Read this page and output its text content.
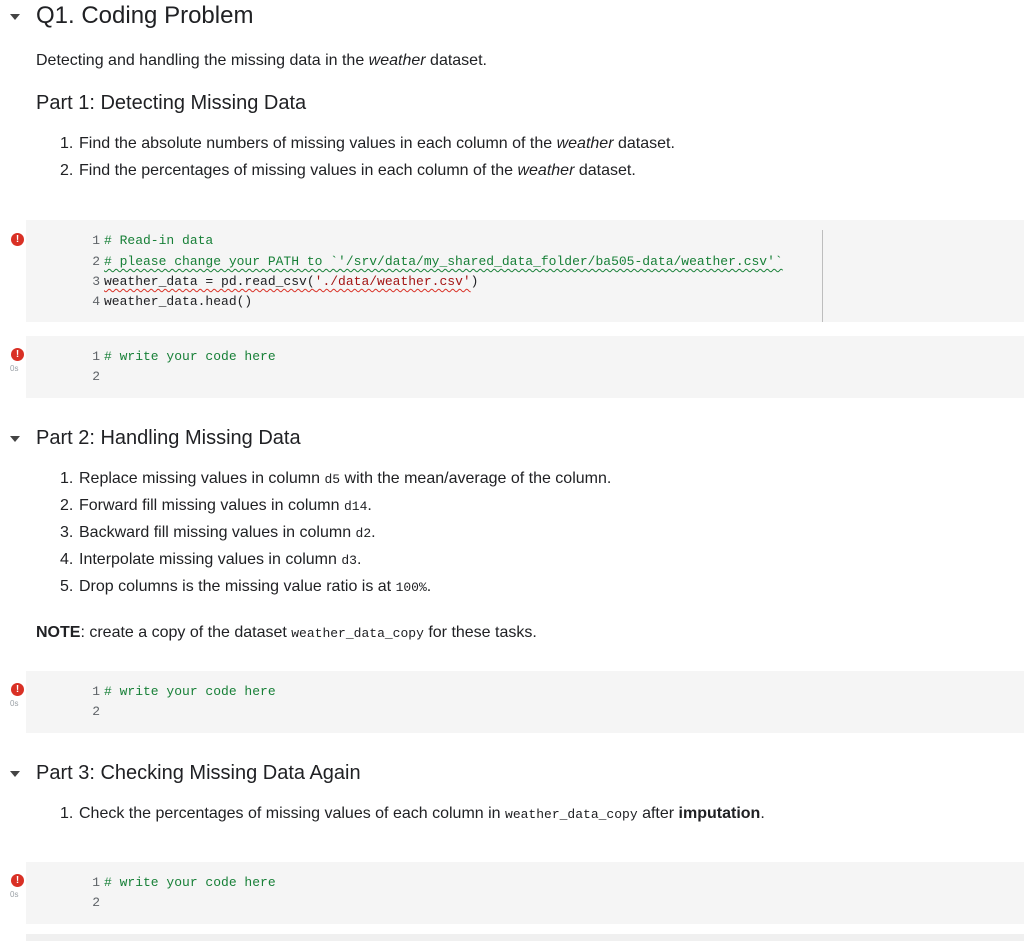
Q1. Coding Problem
Detecting and handling the missing data in the weather dataset.
Part 1: Detecting Missing Data
1. Find the absolute numbers of missing values in each column of the weather dataset.
2. Find the percentages of missing values in each column of the weather dataset.
!	1 # Read-in data
2 # please change your PATH to `'/srv/data/my_shared_data_folder/ba505-data/weather.csv'`
3 weather_data = pd.read_csv('./data/weather.csv')
4 weather_data.head()
!
0s
1 # write your code here
2
Part 2: Handling Missing Data
1. Replace missing values in column d5 with the mean/average of the column.
2. Forward fill missing values in column d14.
3. Backward fill missing values in column d2.
4. Interpolate missing values in column d3.
5. Drop columns is the missing value ratio is at 100%.
NOTE: create a copy of the dataset weather_data_copy for these tasks.
!
0s
1 # write your code here
2
Part 3: Checking Missing Data Again
1. Check the percentages of missing values of each column in weather_data_copy after imputation.
!
0s
1 # write your code here
2
